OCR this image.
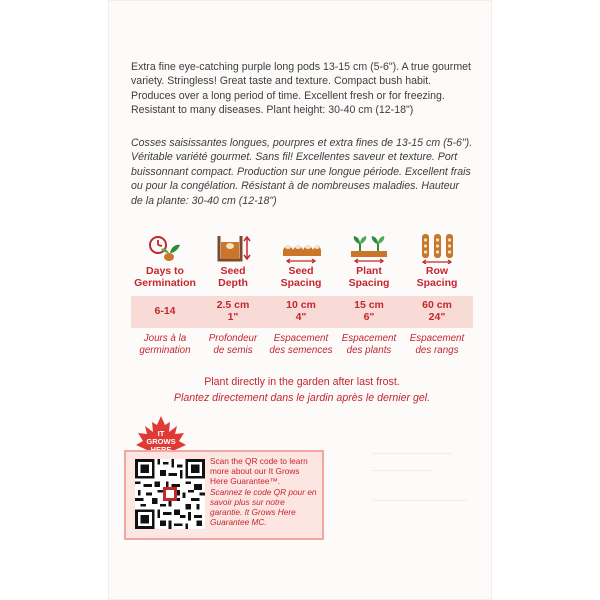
Extra fine eye-catching purple long pods 13-15 cm (5-6"). A true gourmet variety. Stringless! Great taste and texture. Compact bush habit. Produces over a long period of time. Excellent fresh or for freezing. Resistant to many diseases. Plant height: 30-40 cm (12-18")
Cosses saisissantes longues, pourpres et extra fines de 13-15 cm (5-6"). Véritable variété gourmet. Sans fil! Excellentes saveur et texture. Port buissonnant compact. Production sur une longue période. Excellent frais ou pour la congélation. Résistant à de nombreuses maladies. Hauteur de la plante: 30-40 cm (12-18")
Days to
Germination
6-14
Jours à la
germination
Seed
Depth
2.5 cm
1"
Profondeur
de semis
Seed
Spacing
10 cm
4"
Espacement
des semences
Plant
Spacing
15 cm
6"
Espacement
des plants
Row
Spacing
60 cm
24"
Espacement
des rangs
Plant directly in the garden after last frost.
Plantez directement dans le jardin après le dernier gel.
IT
GROWS
Scan the QR code to learn more about our It Grows Here Guarantee™.
Scannez le code QR pour en savoir plus sur notre garantie. It Grows Here Guarantee MC.
